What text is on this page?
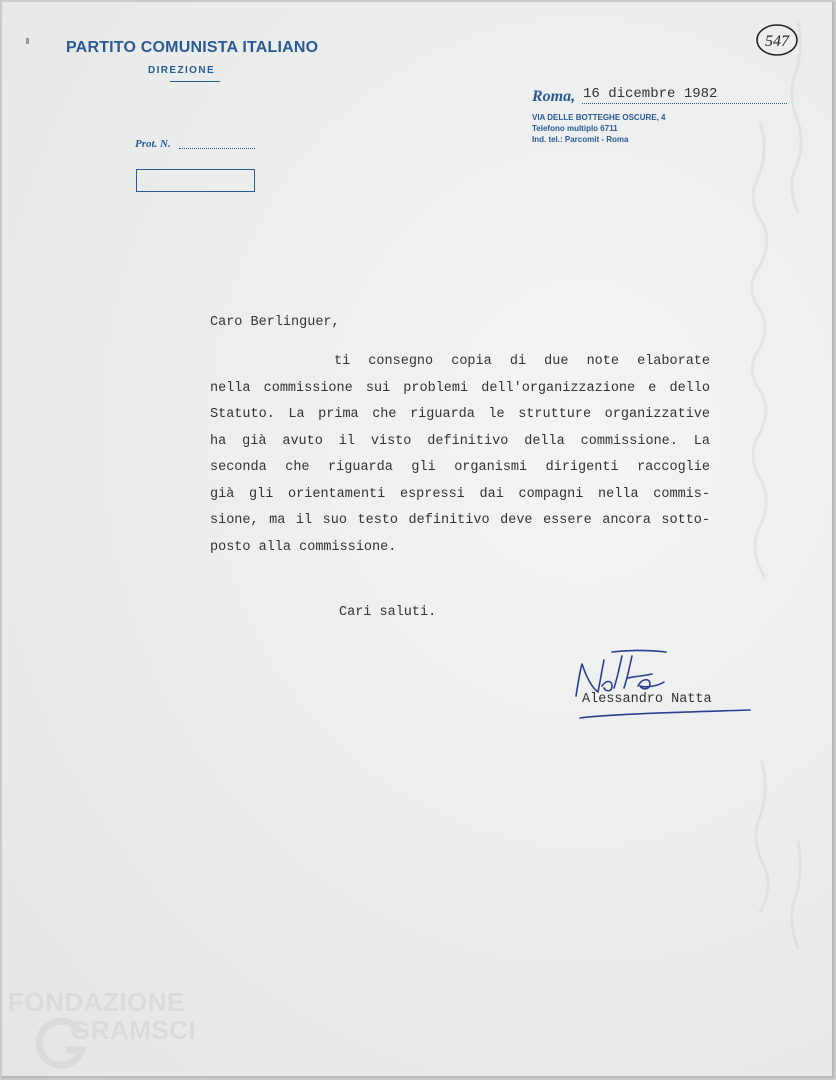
PARTITO COMUNISTA ITALIANO
DIREZIONE
Prot. N.
Roma, 16 dicembre 1982
VIA DELLE BOTTEGHE OSCURE, 4
Telefono multiplo 6711
Ind. tel.: Parcomit - Roma
547
Caro Berlinguer,

ti consegno copia di due note elaborate

nella commissione sui problemi dell'organizzazione e dello

Statuto. La prima che riguarda le strutture organizzative

ha già avuto il visto definitivo della commissione. La

seconda che riguarda gli organismi dirigenti raccoglie

già gli orientamenti espressi dai compagni nella commis-

sione, ma il suo testo definitivo deve essere ancora sotto-

posto alla commissione.

Cari saluti.
Alessandro Natta
FONDAZIONE
GRAMSCI
